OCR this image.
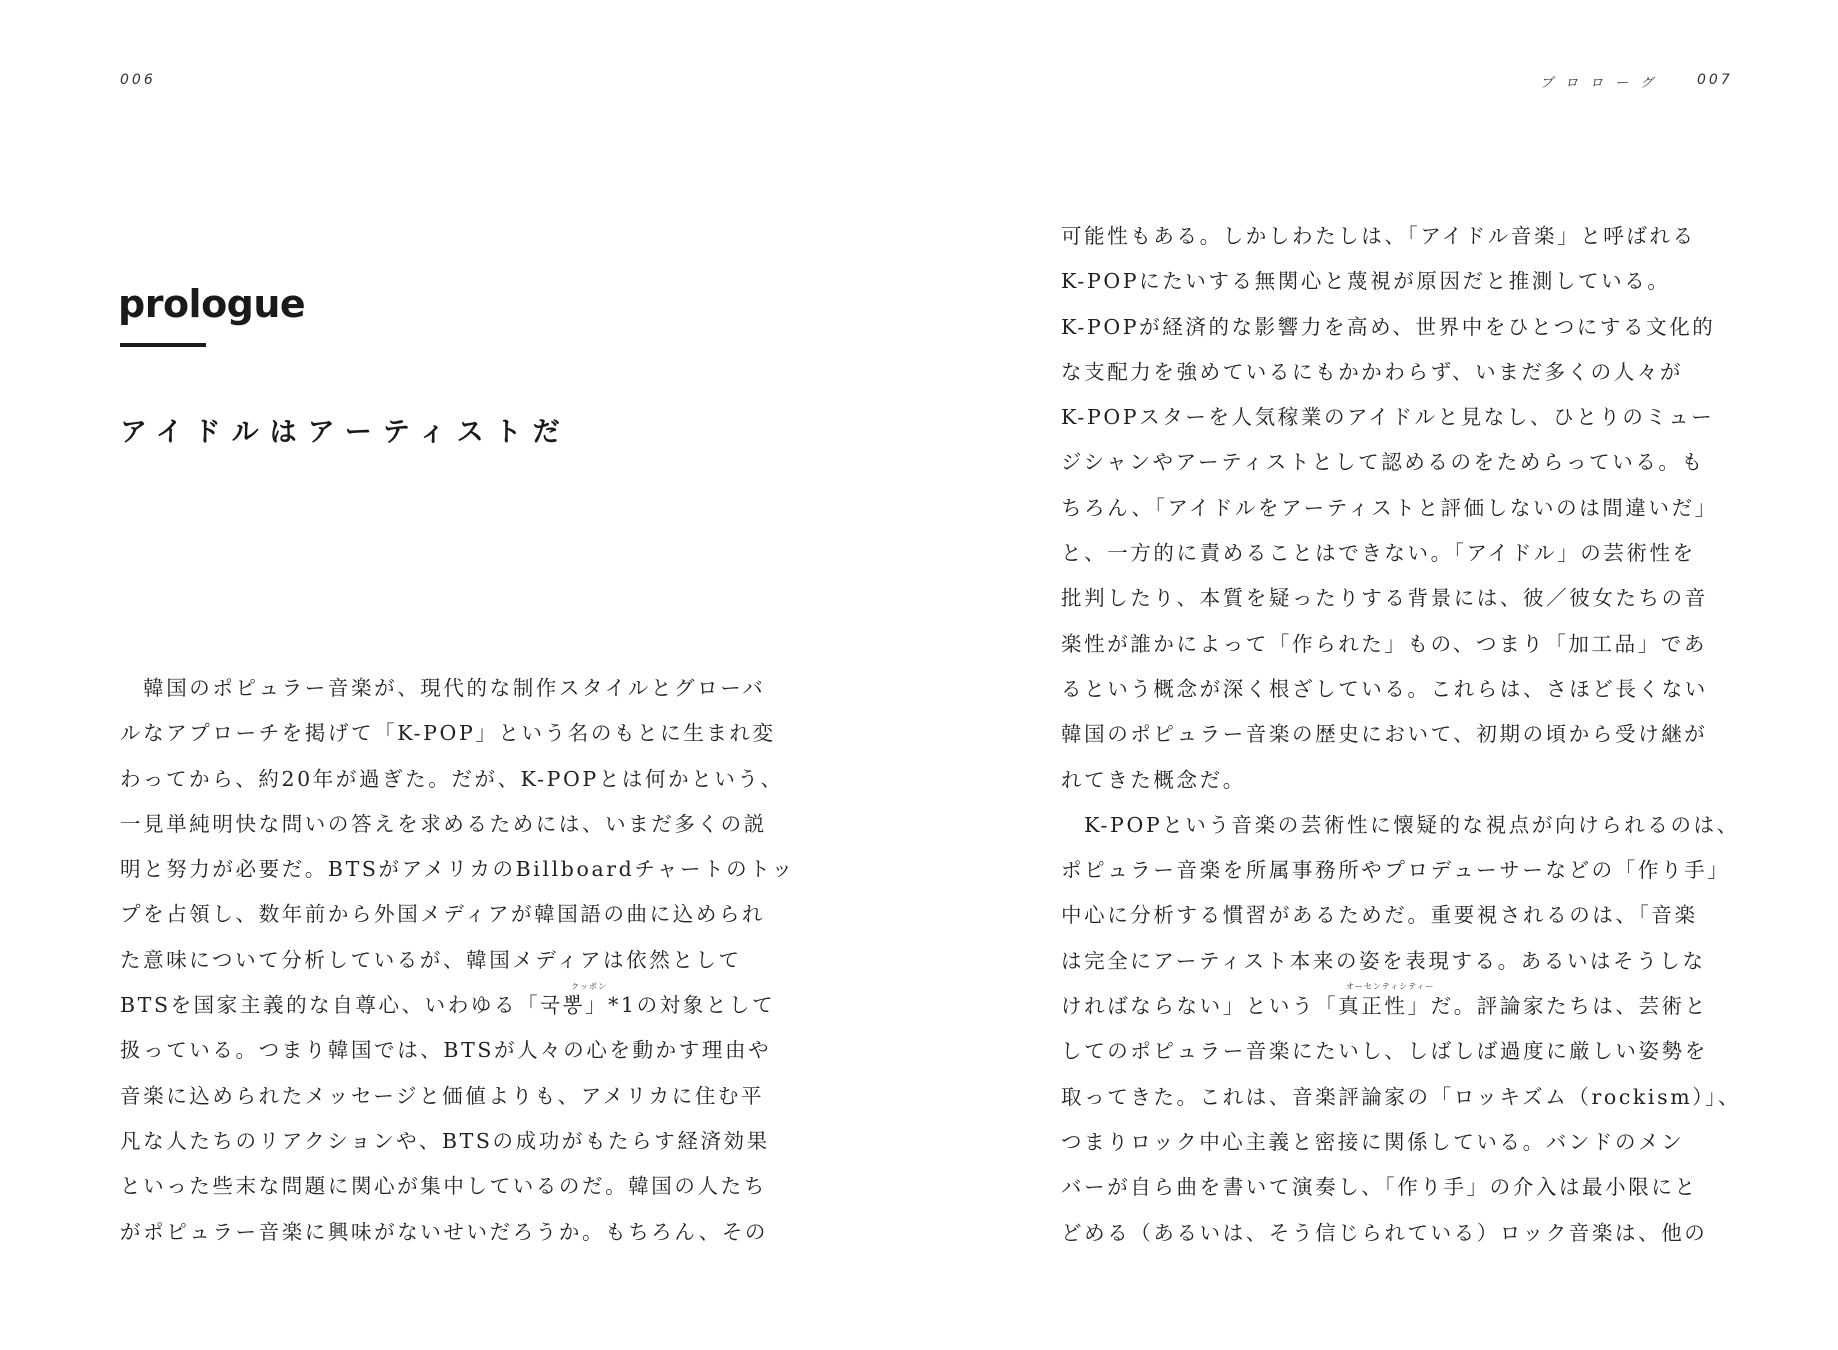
006	プロローグ 007
prologue
アイドルはアーティストだ
クッポン
　韓国のポピュラー音楽が、現代的な制作スタイルとグローバ
ルなアプローチを掲げて「K-POP」という名のもとに生まれ変
わってから、約20年が過ぎた。だが、K-POPとは何かという、
一見単純明快な問いの答えを求めるためには、いまだ多くの説
明と努力が必要だ。BTSがアメリカのBillboardチャートのトッ
プを占領し、数年前から外国メディアが韓国語の曲に込められ
た意味について分析しているが、韓国メディアは依然として
BTSを国家主義的な自尊心、いわゆる「국뽕」*1の対象として
扱っている。つまり韓国では、BTSが人々の心を動かす理由や
音楽に込められたメッセージと価値よりも、アメリカに住む平
凡な人たちのリアクションや、BTSの成功がもたらす経済効果
といった些末な問題に関心が集中しているのだ。韓国の人たち
がポピュラー音楽に興味がないせいだろうか。もちろん、その
オーセンティシティー
可能性もある。しかしわたしは、「アイドル音楽」と呼ばれる
K-POPにたいする無関心と蔑視が原因だと推測している。
K-POPが経済的な影響力を高め、世界中をひとつにする文化的
な支配力を強めているにもかかわらず、いまだ多くの人々が
K-POPスターを人気稼業のアイドルと見なし、ひとりのミュー
ジシャンやアーティストとして認めるのをためらっている。も
ちろん、「アイドルをアーティストと評価しないのは間違いだ」
と、一方的に責めることはできない。「アイドル」の芸術性を
批判したり、本質を疑ったりする背景には、彼／彼女たちの音
楽性が誰かによって「作られた」もの、つまり「加工品」であ
るという概念が深く根ざしている。これらは、さほど長くない
韓国のポピュラー音楽の歴史において、初期の頃から受け継が
れてきた概念だ。
　K-POPという音楽の芸術性に懐疑的な視点が向けられるのは、
ポピュラー音楽を所属事務所やプロデューサーなどの「作り手」
中心に分析する慣習があるためだ。重要視されるのは、「音楽
は完全にアーティスト本来の姿を表現する。あるいはそうしな
ければならない」という「真正性」だ。評論家たちは、芸術と
してのポピュラー音楽にたいし、しばしば過度に厳しい姿勢を
取ってきた。これは、音楽評論家の「ロッキズム（rockism）」、
つまりロック中心主義と密接に関係している。バンドのメン
バーが自ら曲を書いて演奏し、「作り手」の介入は最小限にと
どめる（あるいは、そう信じられている）ロック音楽は、他の
